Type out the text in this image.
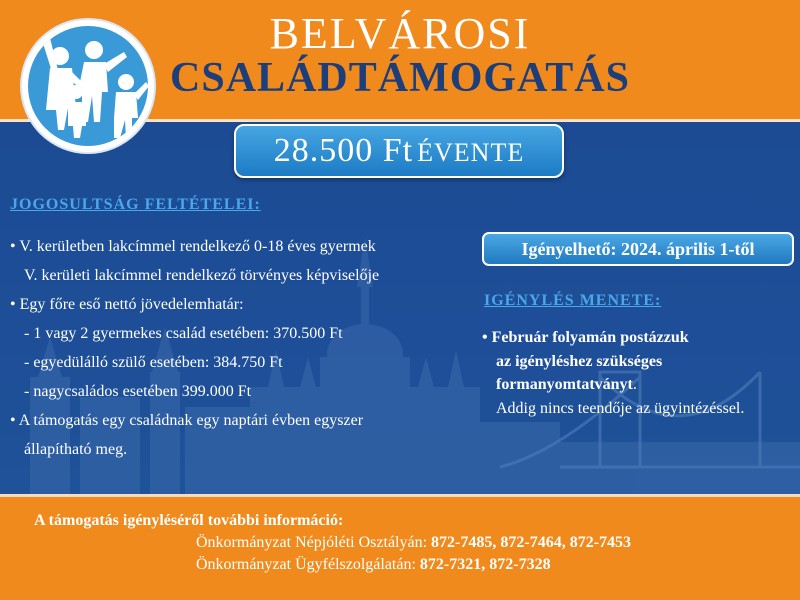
BELVÁROSI
CSALÁDTÁMOGATÁS
28.500 Ft ÉVENTE
JOGOSULTSÁG FELTÉTELEI:
• V. kerületben lakcímmel rendelkező 0-18 éves gyermek
V. kerületi lakcímmel rendelkező törvényes képviselője
• Egy főre eső nettó jövedelemhatár:
- 1 vagy 2 gyermekes család esetében: 370.500 Ft
- egyedülálló szülő esetében: 384.750 Ft
- nagycsaládos esetében 399.000 Ft
• A támogatás egy családnak egy naptári évben egyszer
állapítható meg.
Igényelhető: 2024. április 1-től
IGÉNYLÉS MENETE:
• Február folyamán postázzuk
az igényléshez szükséges
formanyomtatványt.
Addig nincs teendője az ügyintézéssel.
A támogatás igényléséről további információ:
Önkormányzat Népjóléti Osztályán: 872-7485, 872-7464, 872-7453
Önkormányzat Ügyfélszolgálatán: 872-7321, 872-7328
